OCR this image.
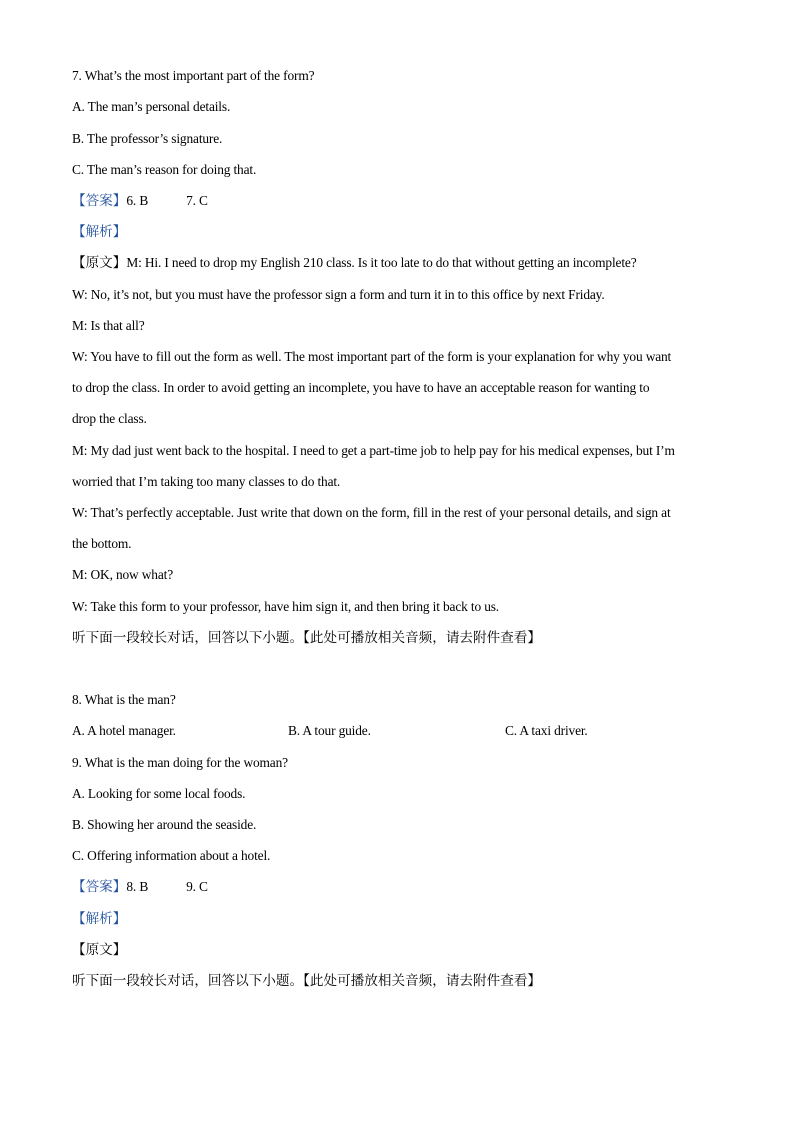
7. What’s the most important part of the form?
A. The man’s personal details.
B. The professor’s signature.
C. The man’s reason for doing that.
【答案】6. B	7. C
【解析】
【原文】M: Hi. I need to drop my English 210 class. Is it too late to do that without getting an incomplete?
W: No, it’s not, but you must have the professor sign a form and turn it in to this office by next Friday.
M: Is that all?
W: You have to fill out the form as well. The most important part of the form is your explanation for why you want
to drop the class. In order to avoid getting an incomplete, you have to have an acceptable reason for wanting to
drop the class.
M: My dad just went back to the hospital. I need to get a part-time job to help pay for his medical expenses, but I’m
worried that I’m taking too many classes to do that.
W: That’s perfectly acceptable. Just write that down on the form, fill in the rest of your personal details, and sign at
the bottom.
M: OK, now what?
W: Take this form to your professor, have him sign it, and then bring it back to us.
听下面一段较长对话，回答以下小题。【此处可播放相关音频，请去附件查看】
8. What is the man?
A. A hotel manager.	B. A tour guide.	C. A taxi driver.
9. What is the man doing for the woman?
A. Looking for some local foods.
B. Showing her around the seaside.
C. Offering information about a hotel.
【答案】8. B	9. C
【解析】
【原文】
听下面一段较长对话，回答以下小题。【此处可播放相关音频，请去附件查看】
